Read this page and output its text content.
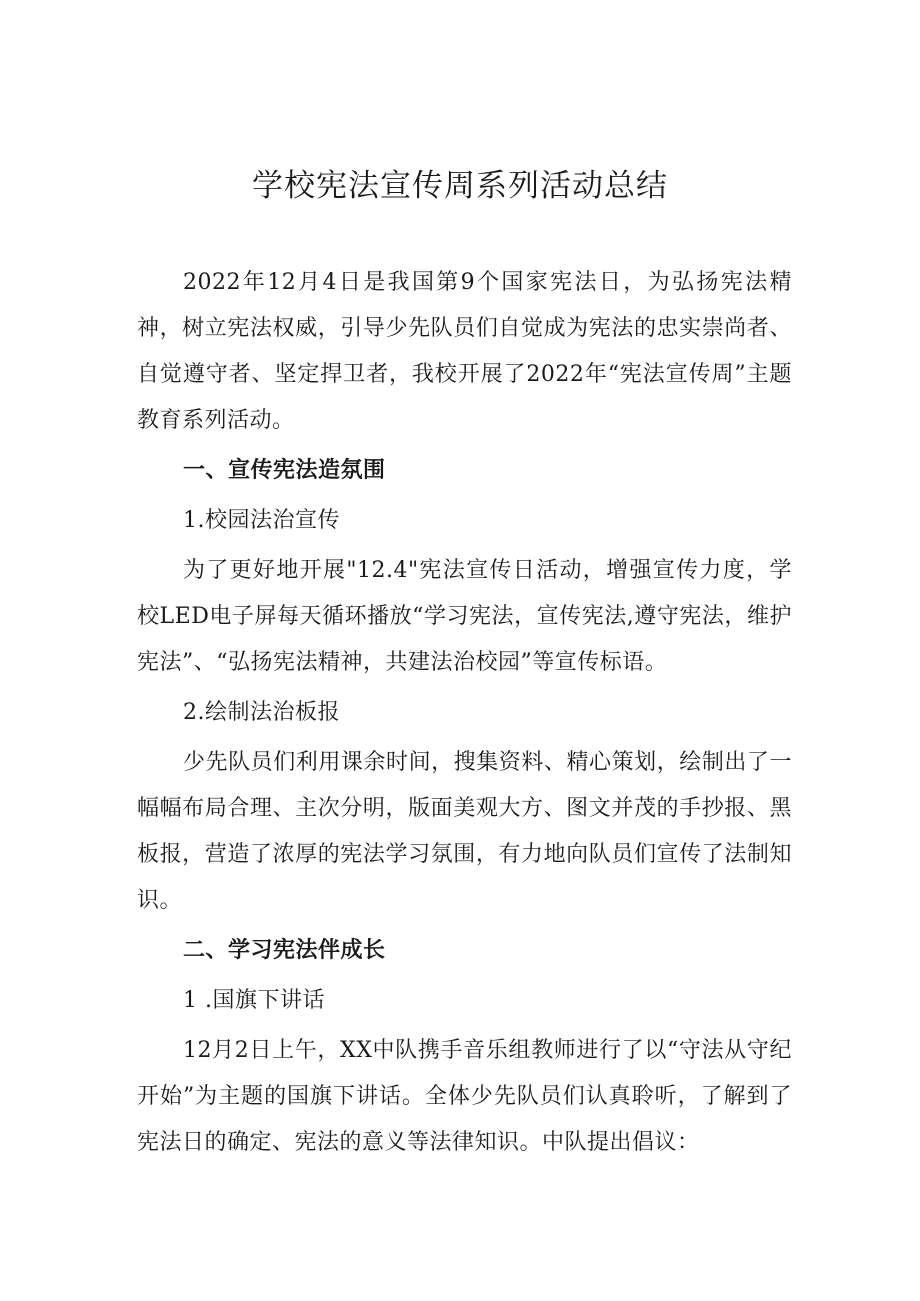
学校宪法宣传周系列活动总结

2022年12月4日是我国第9个国家宪法日，为弘扬宪法精神，树立宪法权威，引导少先队员们自觉成为宪法的忠实崇尚者、自觉遵守者、坚定捍卫者，我校开展了2022年“宪法宣传周”主题教育系列活动。

一、宣传宪法造氛围

1.校园法治宣传

为了更好地开展"12.4"宪法宣传日活动，增强宣传力度，学校LED电子屏每天循环播放“学习宪法，宣传宪法,遵守宪法，维护宪法”、“弘扬宪法精神，共建法治校园”等宣传标语。

2.绘制法治板报

少先队员们利用课余时间，搜集资料、精心策划，绘制出了一幅幅布局合理、主次分明，版面美观大方、图文并茂的手抄报、黑板报，营造了浓厚的宪法学习氛围，有力地向队员们宣传了法制知识。

二、学习宪法伴成长

1 .国旗下讲话

12月2日上午，XX中队携手音乐组教师进行了以“守法从守纪开始”为主题的国旗下讲话。全体少先队员们认真聆听，了解到了宪法日的确定、宪法的意义等法律知识。中队提出倡议：
